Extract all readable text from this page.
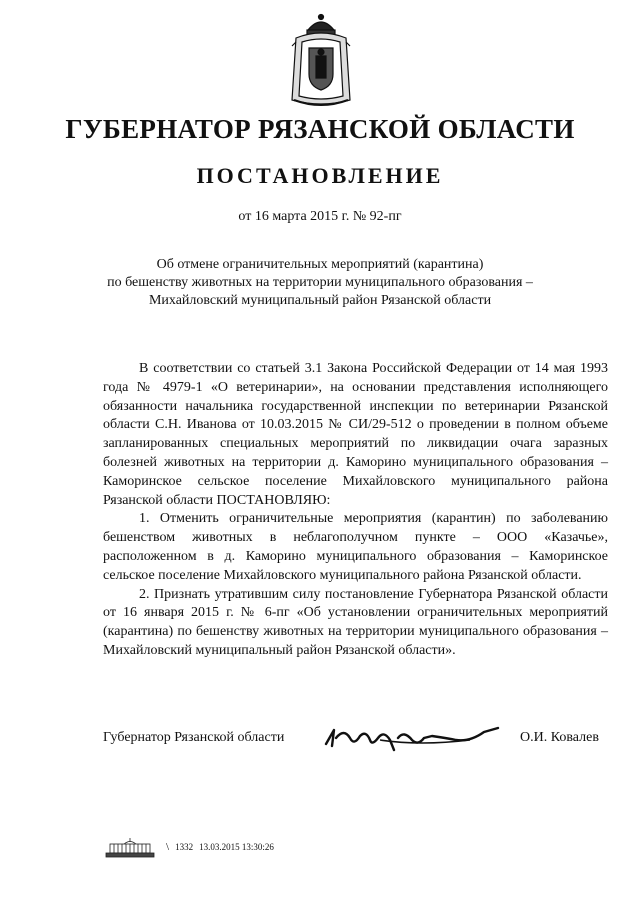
ГУБЕРНАТОР РЯЗАНСКОЙ ОБЛАСТИ
ПОСТАНОВЛЕНИЕ

от 16 марта 2015 г. № 92-пг

Об отмене ограничительных мероприятий (карантина)
по бешенству животных на территории муниципального образования –
Михайловский муниципальный район Рязанской области

В соответствии со статьей 3.1 Закона Российской Федерации от 14 мая 1993 года № 4979-1 «О ветеринарии», на основании представления исполняющего обязанности начальника государственной инспекции по ветеринарии Рязанской области С.Н. Иванова от 10.03.2015 № СИ/29-512 о проведении в полном объеме запланированных специальных мероприятий по ликвидации очага заразных болезней животных на территории д. Каморино муниципального образования – Каморинское сельское поселение Михайловского муниципального района Рязанской области ПОСТАНОВЛЯЮ:

1. Отменить ограничительные мероприятия (карантин) по заболеванию бешенством животных в неблагополучном пункте – ООО «Казачье», расположенном в д. Каморино муниципального образования – Каморинское сельское поселение Михайловского муниципального района Рязанской области.

2. Признать утратившим силу постановление Губернатора Рязанской области от 16 января 2015 г. № 6-пг «Об установлении ограничительных мероприятий (карантина) по бешенству животных на территории муниципального образования – Михайловский муниципальный район Рязанской области».

Губернатор Рязанской области	О.И. Ковалев
\ 1332 13.03.2015 13:30:26
